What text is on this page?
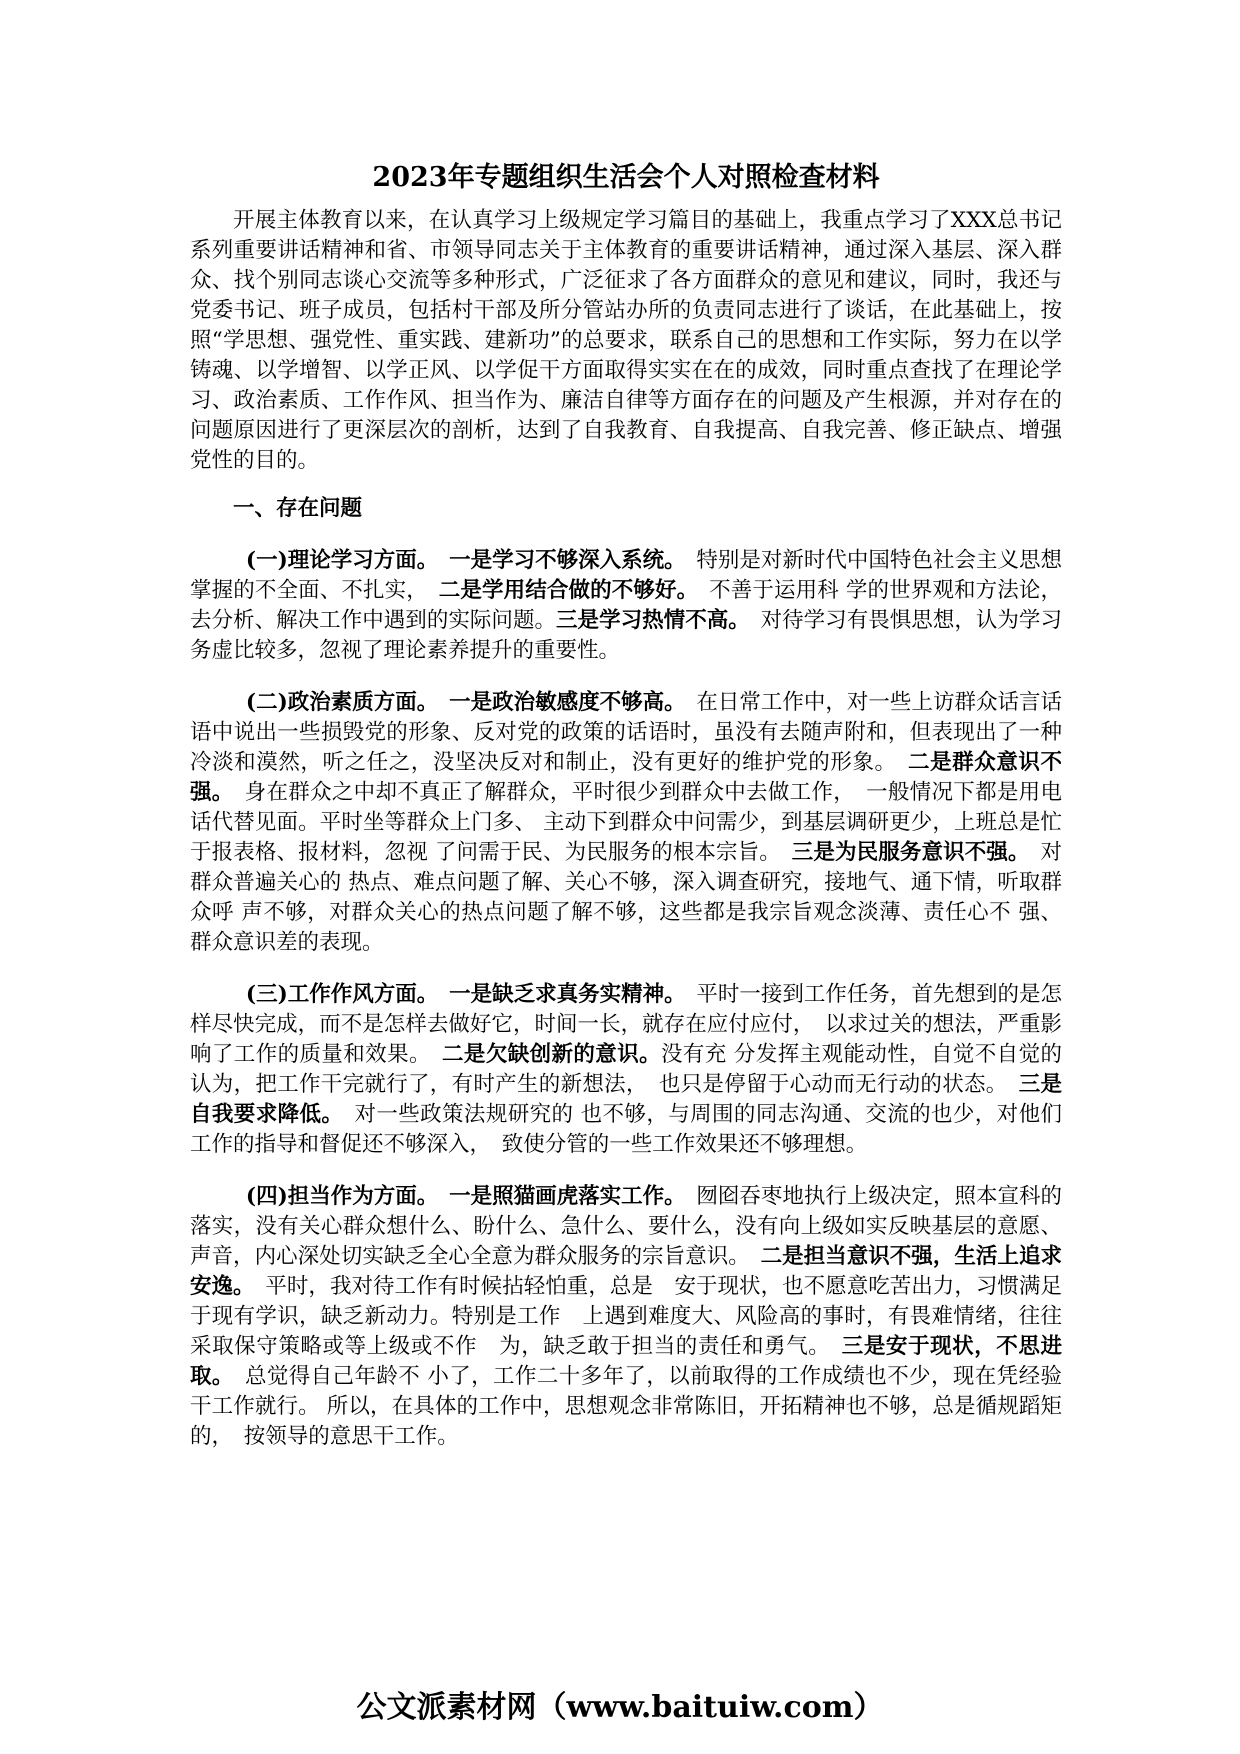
2023年专题组织生活会个人对照检查材料

开展主体教育以来，在认真学习上级规定学习篇目的基础上，我重点学习了XXX总书记系列重要讲话精神和省、市领导同志关于主体教育的重要讲话精神，通过深入基层、深入群众、找个别同志谈心交流等多种形式，广泛征求了各方面群众的意见和建议，同时，我还与党委书记、班子成员，包括村干部及所分管站办所的负责同志进行了谈话，在此基础上，按照“学思想、强党性、重实践、建新功”的总要求，联系自己的思想和工作实际，努力在以学铸魂、以学增智、以学正风、以学促干方面取得实实在在的成效，同时重点查找了在理论学习、政治素质、工作作风、担当作为、廉洁自律等方面存在的问题及产生根源，并对存在的问题原因进行了更深层次的剖析，达到了自我教育、自我提高、自我完善、修正缺点、增强党性的目的。

一、存在问题

(一)理论学习方面。　 一是学习不够深入系统。　 特别是对新时代中国特色社会主义思想掌握的不全面、不扎实，　 二是学用结合做的不够好。　 不善于运用科 学的世界观和方法论，去分析、解决工作中遇到的实际问题。三是学习热情不高。　 对待学习有畏惧思想，认为学习务虚比较多，忽视了理论素养提升的重要性。

(二)政治素质方面。　 一是政治敏感度不够高。　 在日常工作中，对一些上访群众话言话语中说出一些损毁党的形象、反对党的政策的话语时，虽没有去随声附和，但表现出了一种冷淡和漠然，听之任之，没坚决反对和制止，没有更好的维护党的形象。　 二是群众意识不强。　 身在群众之中却不真正了解群众，平时很少到群众中去做工作，　一般情况下都是用电话代替见面。平时坐等群众上门多、 主动下到群众中问需少，到基层调研更少，上班总是忙于报表格、报材料，忽视 了问需于民、为民服务的根本宗旨。　 三是为民服务意识不强。　 对群众普遍关心的 热点、难点问题了解、关心不够，深入调查研究，接地气、通下情，听取群众呼 声不够，对群众关心的热点问题了解不够，这些都是我宗旨观念淡薄、责任心不 强、群众意识差的表现。

(三)工作作风方面。　 一是缺乏求真务实精神。　 平时一接到工作任务，首先想到的是怎样尽快完成，而不是怎样去做好它，时间一长，就存在应付应付，　以求过关的想法，严重影响了工作的质量和效果。　 二是欠缺创新的意识。没有充 分发挥主观能动性，自觉不自觉的认为，把工作干完就行了，有时产生的新想法，　也只是停留于心动而无行动的状态。　 三是自我要求降低。　 对一些政策法规研究的 也不够，与周围的同志沟通、交流的也少，对他们工作的指导和督促还不够深入，　致使分管的一些工作效果还不够理想。

(四)担当作为方面。　 一是照猫画虎落实工作。　 囫囵吞枣地执行上级决定，照本宣科的落实，没有关心群众想什么、盼什么、急什么、要什么，没有向上级如实反映基层的意愿、声音，内心深处切实缺乏全心全意为群众服务的宗旨意识。　 二是担当意识不强，生活上追求安逸。　 平时，我对待工作有时候拈轻怕重，总是　安于现状，也不愿意吃苦出力，习惯满足于现有学识，缺乏新动力。特别是工作　上遇到难度大、风险高的事时，有畏难情绪，往往采取保守策略或等上级或不作　为，缺乏敢于担当的责任和勇气。　 三是安于现状，不思进取。　 总觉得自己年龄不 小了，工作二十多年了，以前取得的工作成绩也不少，现在凭经验干工作就行。 所以，在具体的工作中，思想观念非常陈旧，开拓精神也不够，总是循规蹈矩的，　按领导的意思干工作。

公文派素材网（www.baituiw.com）
